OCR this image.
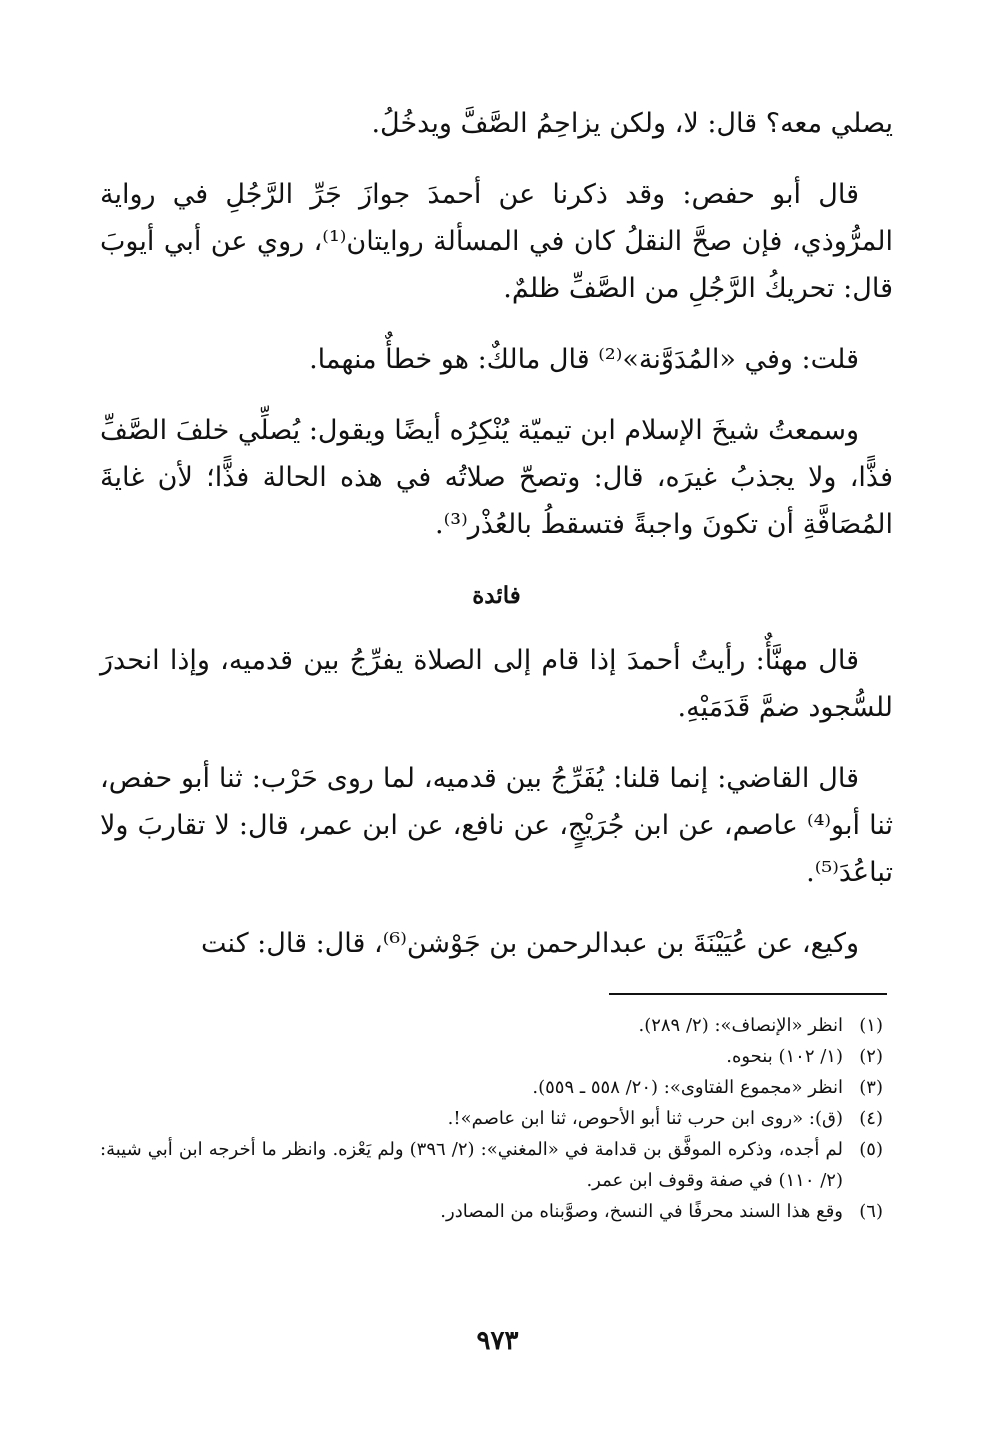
يصلي معه؟ قال: لا، ولكن يزاحِمُ الصَّفَّ ويدخُلُ.

قال أبو حفص: وقد ذكرنا عن أحمدَ جوازَ جَرِّ الرَّجُلِ في رواية المرُّوذي، فإن صحَّ النقلُ كان في المسألة روايتان⁽¹⁾، روي عن أبي أيوبَ قال: تحريكُ الرَّجُلِ من الصَّفِّ ظلمٌ.

قلت: وفي «المُدَوَّنة»⁽²⁾ قال مالكٌ: هو خطأٌ منهما.

وسمعتُ شيخَ الإسلام ابن تيميّة يُنْكِرُه أيضًا ويقول: يُصلِّي خلفَ الصَّفِّ فذًّا، ولا يجذبُ غيرَه، قال: وتصحّ صلاتُه في هذه الحالة فذًّا؛ لأن غايةَ المُصَافَّةِ أن تكونَ واجبةً فتسقطُ بالعُذْر⁽³⁾.

فائدة

قال مهنَّأٌ: رأيتُ أحمدَ إذا قام إلى الصلاة يفرِّجُ بين قدميه، وإذا انحدرَ للسُّجود ضمَّ قَدَمَيْهِ.

قال القاضي: إنما قلنا: يُفَرِّجُ بين قدميه، لما روى حَرْب: ثنا أبو حفص، ثنا أبو⁽⁴⁾ عاصم، عن ابن جُرَيْجٍ، عن نافع، عن ابن عمر، قال: لا تقاربَ ولا تباعُدَ⁽⁵⁾.

وكيع، عن عُيَيْنَةَ بن عبدالرحمن بن جَوْشن⁽⁶⁾، قال: قال: كنت

(١)
انظر «الإنصاف»: (٢/ ٢٨٩).
(٢)
(١/ ١٠٢) بنحوه.
(٣)
انظر «مجموع الفتاوى»: (٢٠/ ٥٥٨ ـ ٥٥٩).
(٤)
(ق): «روى ابن حرب ثنا أبو الأحوص، ثنا ابن عاصم»!.
(٥)
لم أجده، وذكره الموفَّق بن قدامة في «المغني»: (٢/ ٣٩٦) ولم يَعْزه. وانظر ما أخرجه ابن أبي شيبة: (٢/ ١١٠) في صفة وقوف ابن عمر.
(٦)
وقع هذا السند محرفًا في النسخ، وصوَّبناه من المصادر.
٩٧٣
